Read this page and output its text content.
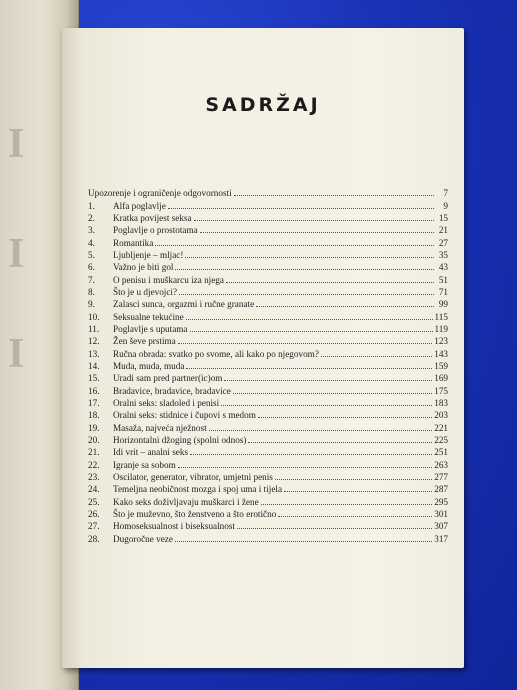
I
I
I
SADRŽAJ
Upozorenje i ograničenje odgovornosti	7
1.	Alfa poglavlje	9
2.	Kratka povijest seksa	15
3.	Poglavlje o prostotama	21
4.	Romantika	27
5.	Ljubljenje – mljac!	35
6.	Važno je biti gol	43
7.	O penisu i muškarcu iza njega	51
8.	Što je u djevojci?	71
9.	Zalasci sunca, orgazmi i ručne granate	99
10.	Seksualne tekućine	115
11.	Poglavlje s uputama	119
12.	Žen ševe prstima	123
13.	Ručna obrada: svatko po svome, ali kako po njegovom?	143
14.	Muda, muda, muda	159
15.	Uradi sam pred partner(ic)om	169
16.	Bradavice, bradavice, bradavice	175
17.	Oralni seks: sladoled i penisi	183
18.	Oralni seks: stidnice i čupovi s medom	203
19.	Masaža, najveća nježnost	221
20.	Horizontalni džoging (spolni odnos)	225
21.	Idi vrit – analni seks	251
22.	Igranje sa sobom	263
23.	Oscilator, generator, vibrator, umjetni penis	277
24.	Temeljna neobičnost mozga i spoj uma i tijela	287
25.	Kako seks doživljavaju muškarci i žene	295
26.	Što je muževno, što ženstveno a što erotično	301
27.	Homoseksualnost i biseksualnost	307
28.	Dugoročne veze	317
